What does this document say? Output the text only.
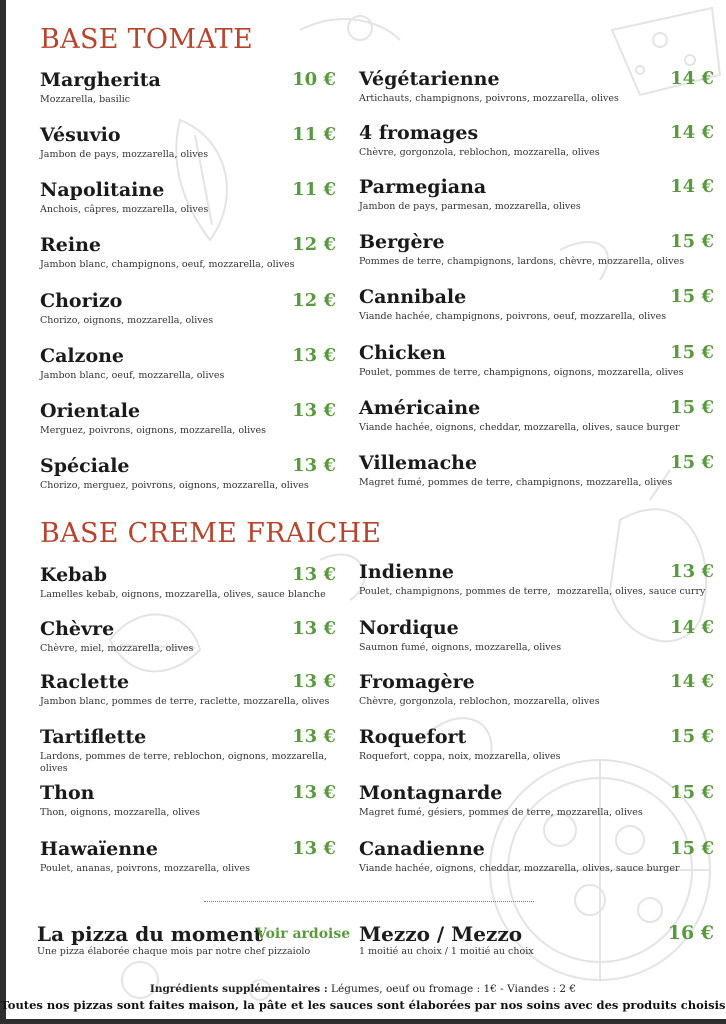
BASE TOMATE
Margherita	10 €
Mozzarella, basilic
Vésuvio	11 €
Jambon de pays, mozzarella, olives
Napolitaine	11 €
Anchois, câpres, mozzarella, olives
Reine	12 €
Jambon blanc, champignons, oeuf, mozzarella, olives
Chorizo	12 €
Chorizo, oignons, mozzarella, olives
Calzone	13 €
Jambon blanc, oeuf, mozzarella, olives
Orientale	13 €
Merguez, poivrons, oignons, mozzarella, olives
Spéciale	13 €
Chorizo, merguez, poivrons, oignons, mozzarella, olives
Végétarienne	14 €
Artichauts, champignons, poivrons, mozzarella, olives
4 fromages	14 €
Chèvre, gorgonzola, reblochon, mozzarella, olives
Parmegiana	14 €
Jambon de pays, parmesan, mozzarella, olives
Bergère	15 €
Pommes de terre, champignons, lardons, chèvre, mozzarella, olives
Cannibale	15 €
Viande hachée, champignons, poivrons, oeuf, mozzarella, olives
Chicken	15 €
Poulet, pommes de terre, champignons, oignons, mozzarella, olives
Américaine	15 €
Viande hachée, oignons, cheddar, mozzarella, olives, sauce burger
Villemache	15 €
Magret fumé, pommes de terre, champignons, mozzarella, olives
BASE CREME FRAICHE
Kebab	13 €
Lamelles kebab, oignons, mozzarella, olives, sauce blanche
Chèvre	13 €
Chèvre, miel, mozzarella, olives
Raclette	13 €
Jambon blanc, pommes de terre, raclette, mozzarella, olives
Tartiflette	13 €
Lardons, pommes de terre, reblochon, oignons, mozzarella, olives
Thon	13 €
Thon, oignons, mozzarella, olives
Hawaïenne	13 €
Poulet, ananas, poivrons, mozzarella, olives
Indienne	13 €
Poulet, champignons, pommes de terre,  mozzarella, olives, sauce curry
Nordique	14 €
Saumon fumé, oignons, mozzarella, olives
Fromagère	14 €
Chèvre, gorgonzola, reblochon, mozzarella, olives
Roquefort	15 €
Roquefort, coppa, noix, mozzarella, olives
Montagnarde	15 €
Magret fumé, gésiers, pommes de terre, mozzarella, olives
Canadienne	15 €
Viande hachée, oignons, cheddar, mozzarella, olives, sauce burger
La pizza du moment
Voir ardoise
Une pizza élaborée chaque mois par notre chef pizzaiolo
Mezzo / Mezzo	16 €
1 moitié au choix / 1 moitié au choix
Ingrédients supplémentaires : Légumes, oeuf ou fromage : 1€ - Viandes : 2 €
Toutes nos pizzas sont faites maison, la pâte et les sauces sont élaborées par nos soins avec des produits choisis
